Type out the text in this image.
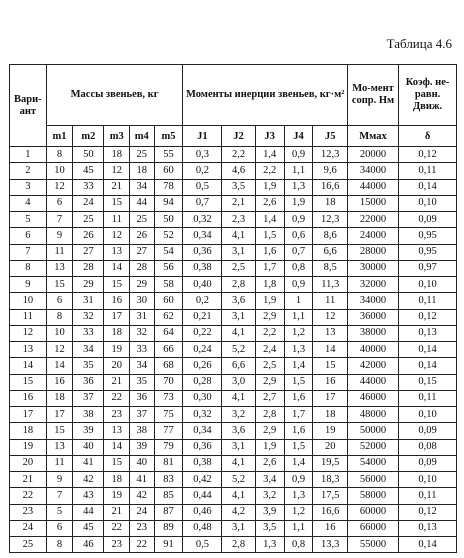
Таблица 4.6
Вари-ант	Массы звеньев, кг					Моменты инерции звеньев, кг·м²					Мо-мент сопр. Нм	Коэф. не-равн. Движ.
	m1	m2	m3	m4	m5	J1	J2	J3	J4	J5	Mмах	δ
1	8	50	18	25	55	0,3	2,2	1,4	0,9	12,3	20000	0,12
2	10	45	12	18	60	0,2	4,6	2,2	1,1	9,6	34000	0,11
3	12	33	21	34	78	0,5	3,5	1,9	1,3	16,6	44000	0,14
4	6	24	15	44	94	0,7	2,1	2,6	1,9	18	15000	0,10
5	7	25	11	25	50	0,32	2,3	1,4	0,9	12,3	22000	0,09
6	9	26	12	26	52	0,34	4,1	1,5	0,6	8,6	24000	0,95
7	11	27	13	27	54	0,36	3,1	1,6	0,7	6,6	28000	0,95
8	13	28	14	28	56	0,38	2,5	1,7	0,8	8,5	30000	0,97
9	15	29	15	29	58	0,40	2,8	1,8	0,9	11,3	32000	0,10
10	6	31	16	30	60	0,2	3,6	1,9	1	11	34000	0,11
11	8	32	17	31	62	0,21	3,1	2,9	1,1	12	36000	0,12
12	10	33	18	32	64	0,22	4,1	2,2	1,2	13	38000	0,13
13	12	34	19	33	66	0,24	5,2	2,4	1,3	14	40000	0,14
14	14	35	20	34	68	0,26	6,6	2,5	1,4	15	42000	0,14
15	16	36	21	35	70	0,28	3,0	2,9	1,5	16	44000	0,15
16	18	37	22	36	73	0,30	4,1	2,7	1,6	17	46000	0,11
17	17	38	23	37	75	0,32	3,2	2,8	1,7	18	48000	0,10
18	15	39	13	38	77	0,34	3,6	2,9	1,6	19	50000	0,09
19	13	40	14	39	79	0,36	3,1	1,9	1,5	20	52000	0,08
20	11	41	15	40	81	0,38	4,1	2,6	1,4	19,5	54000	0,09
21	9	42	18	41	83	0,42	5,2	3,4	0,9	18,3	56000	0,10
22	7	43	19	42	85	0,44	4,1	3,2	1,3	17,5	58000	0,11
23	5	44	21	24	87	0,46	4,2	3,9	1,2	16,6	60000	0,12
24	6	45	22	23	89	0,48	3,1	3,5	1,1	16	66000	0,13
25	8	46	23	22	91	0,5	2,8	1,3	0,8	13,3	55000	0,14
